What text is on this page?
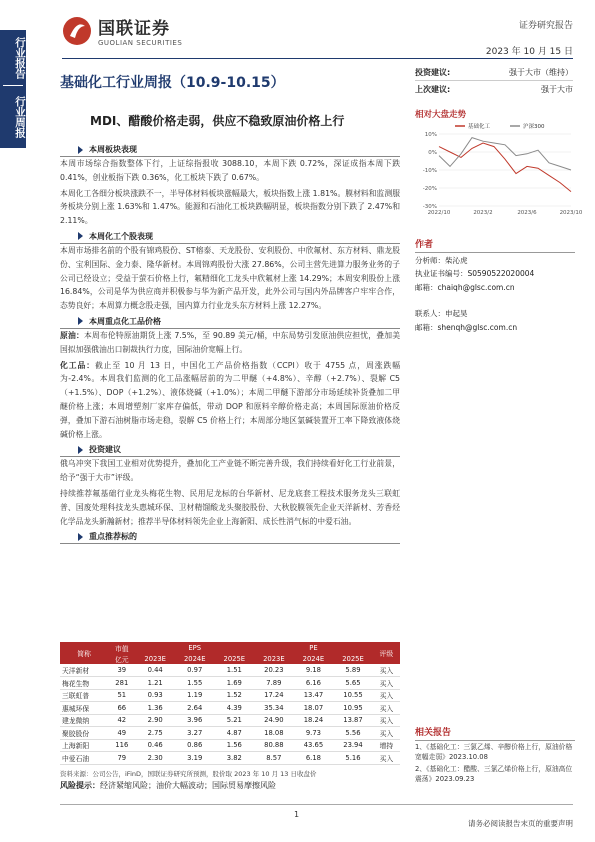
行业报告
行业周报
国联证券
GUOLIAN SECURITIES
证券研究报告
2023 年 10 月 15 日
基础化工行业周报（10.9-10.15）
MDI、醋酸价格走弱，供应不稳致原油价格上行
投资建议:	强于大市（维持）
上次建议:	强于大市
相对大盘走势
10%
0%
-10%
-20%
-30%
2022/10	2023/2	2023/6	2023/10
基础化工	沪深300
作者
分析师：柴沁虎
执业证书编号：S0590522020004
邮箱：chaiqh@glsc.com.cn
联系人：申起昊
邮箱：shenqh@glsc.com.cn
本周板块表现
本周市场综合指数整体下行，上证综指报收 3088.10，本周下跌 0.72%，深证成指本周下跌 0.41%，创业板指下跌 0.36%，化工板块下跌了 0.67%。
本周化工各细分板块涨跌不一，半导体材料板块涨幅最大，板块指数上涨 1.81%。膜材料和监测服务板块分别上涨 1.63%和 1.47%。能源和石油化工板块跌幅明显，板块指数分别下跌了 2.47%和 2.11%。
本周化工个股表现
本周市场排名前的个股有锦鸡股份、ST榕泰、天龙股份、安利股份、中欣氟材、东方材料、鼎龙股份、宝利国际、金力泰、隆华新材。本周锦鸡股份大涨 27.86%，公司主营先进算力服务业务的子公司已经设立；受益于萤石价格上行，氟精细化工龙头中欣氟材上涨 14.29%；本周安利股份上涨 16.84%，公司是华为供应商并积极参与华为新产品开发，此外公司与国内外品牌客户牢牢合作，态势良好；本周算力概念股走强，国内算力行业龙头东方材料上涨 12.27%。
本周重点化工品价格
原油：本周布伦特原油期货上涨 7.5%，至 90.89 美元/桶，中东局势引发原油供应担忧，叠加美国拟加强俄油出口制裁执行力度，国际油价宽幅上行。
化工品：截止至 10 月 13 日，中国化工产品价格指数（CCPI）收于 4755 点，周涨跌幅为-2.4%。本周我们监测的化工品涨幅居前的为二甲醚（+4.8%）、辛醇（+2.7%）、裂解 C5（+1.5%）、DOP（+1.2%）、液体烧碱（+1.0%）；本周二甲醚下游部分市场延续补货叠加二甲醚价格上涨；本周增塑剂厂家库存偏低，带动 DOP 和原料辛醇价格走高；本周国际原油价格反弹，叠加下游石油树脂市场走稳，裂解 C5 价格上行；本周部分地区氯碱装置开工率下降致液体烧碱价格上涨。
投资建议
俄乌冲突下我国工业相对优势提升，叠加化工产业链不断完善升级，我们持续看好化工行业前景，给予“强于大市”评级。
持续推荐氟基础行业龙头梅花生物、民用尼龙标的台华新材、尼龙底套工程技术服务龙头三联虹普、国废处理科技龙头惠城环保、卫材精馏酸龙头聚胶股份、大秋胶膜领先企业天洋新材、芳香烃化学品龙头新瀚新材；推荐半导体材料领先企业上海新阳、成长性消气标的中爱石油。
重点推荐标的
简称	市值	EPS			PE			评级
	亿元	2023E	2024E	2025E	2023E	2024E	2025E	
天洋新材	39	0.44	0.97	1.51	20.23	9.18	5.89	买入
梅花生物	281	1.21	1.55	1.69	7.89	6.16	5.65	买入
三联虹普	51	0.93	1.19	1.52	17.24	13.47	10.55	买入
惠城环保	66	1.36	2.64	4.39	35.34	18.07	10.95	买入
建龙微纳	42	2.90	3.96	5.21	24.90	18.24	13.87	买入
聚胶股份	49	2.75	3.27	4.87	18.08	9.73	5.56	买入
上海新阳	116	0.46	0.86	1.56	80.88	43.65	23.94	增持
中爱石油	79	2.30	3.19	3.82	8.57	6.18	5.16	买入
资料来源：公司公告，iFinD，国联证券研究所预测，股价取 2023 年 10 月 13 日收盘价
风险提示：经济紧缩风险；油价大幅波动；国际贸易摩擦风险
相关报告
1、《基础化工：三氯乙烯、辛醇价格上行，原油价格宽幅走弱》2023.10.08
2、《基础化工：醋酸、三氯乙烯价格上行，原油高位震荡》2023.09.23
1
请务必阅读报告末页的重要声明
